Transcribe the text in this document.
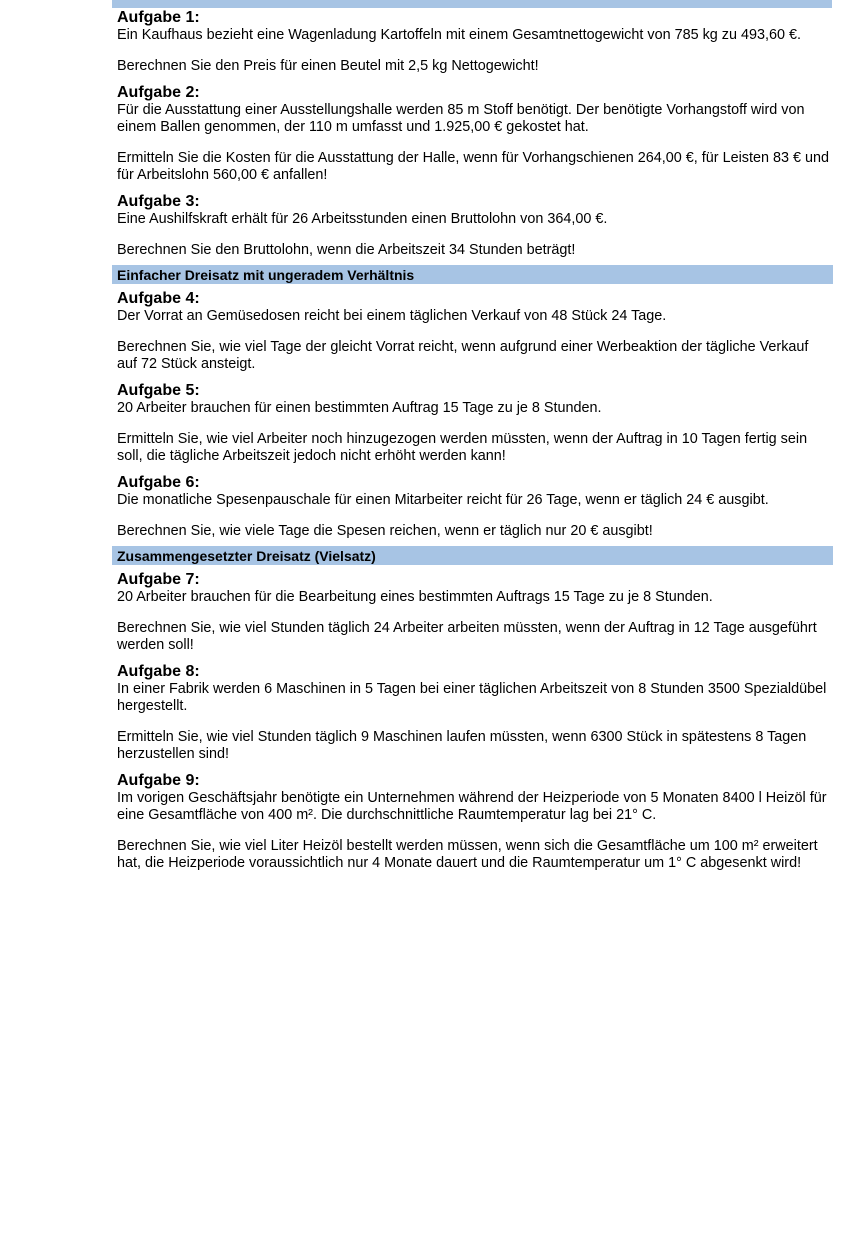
Aufgabe 1:

Ein Kaufhaus bezieht eine Wagenladung Kartoffeln mit einem Gesamtnettogewicht von 785 kg zu 493,60 €.

Berechnen Sie den Preis für einen Beutel mit 2,5 kg Nettogewicht!

Aufgabe 2:

Für die Ausstattung einer Ausstellungshalle werden 85 m Stoff benötigt. Der benötigte Vorhangstoff wird von einem Ballen genommen, der 110 m umfasst und 1.925,00 € gekostet hat.

Ermitteln Sie die Kosten für die Ausstattung der Halle, wenn für Vorhangschienen 264,00 €, für Leisten 83 € und für Arbeitslohn 560,00 € anfallen!

Aufgabe 3:

Eine Aushilfskraft erhält für 26 Arbeitsstunden einen Bruttolohn von 364,00 €.

Berechnen Sie den Bruttolohn, wenn die Arbeitszeit 34 Stunden beträgt!

Einfacher Dreisatz mit ungeradem Verhältnis

Aufgabe 4:

Der Vorrat an Gemüsedosen reicht bei einem täglichen Verkauf von 48 Stück 24 Tage.

Berechnen Sie, wie viel Tage der gleicht Vorrat reicht, wenn aufgrund einer Werbeaktion der tägliche Verkauf auf 72 Stück ansteigt.

Aufgabe 5:

20 Arbeiter brauchen für einen bestimmten Auftrag 15 Tage zu je 8 Stunden.

Ermitteln Sie, wie viel Arbeiter noch hinzugezogen werden müssten, wenn der Auftrag in 10 Tagen fertig sein soll, die tägliche Arbeitszeit jedoch nicht erhöht werden kann!

Aufgabe 6:

Die monatliche Spesenpauschale für einen Mitarbeiter reicht für 26 Tage, wenn er täglich 24 € ausgibt.

Berechnen Sie, wie viele Tage die Spesen reichen, wenn er täglich nur 20 € ausgibt!

Zusammengesetzter Dreisatz (Vielsatz)

Aufgabe 7:

20 Arbeiter brauchen für die Bearbeitung eines bestimmten Auftrags 15 Tage zu je 8 Stunden.

Berechnen Sie, wie viel Stunden täglich 24 Arbeiter arbeiten müssten, wenn der Auftrag in 12 Tage ausgeführt werden soll!

Aufgabe 8:

In einer Fabrik werden 6 Maschinen in 5 Tagen bei einer täglichen Arbeitszeit von 8 Stunden 3500 Spezialdübel hergestellt.

Ermitteln Sie, wie viel Stunden täglich 9 Maschinen laufen müssten, wenn 6300 Stück in spätestens 8 Tagen herzustellen sind!

Aufgabe 9:

Im vorigen Geschäftsjahr benötigte ein Unternehmen während der Heizperiode von 5 Monaten 8400 l Heizöl für eine Gesamtfläche von 400 m². Die durchschnittliche Raumtemperatur lag bei 21° C.

Berechnen Sie, wie viel Liter Heizöl bestellt werden müssen, wenn sich die Gesamtfläche um 100 m² erweitert hat, die Heizperiode voraussichtlich nur 4 Monate dauert und die Raumtemperatur um 1° C abgesenkt wird!
